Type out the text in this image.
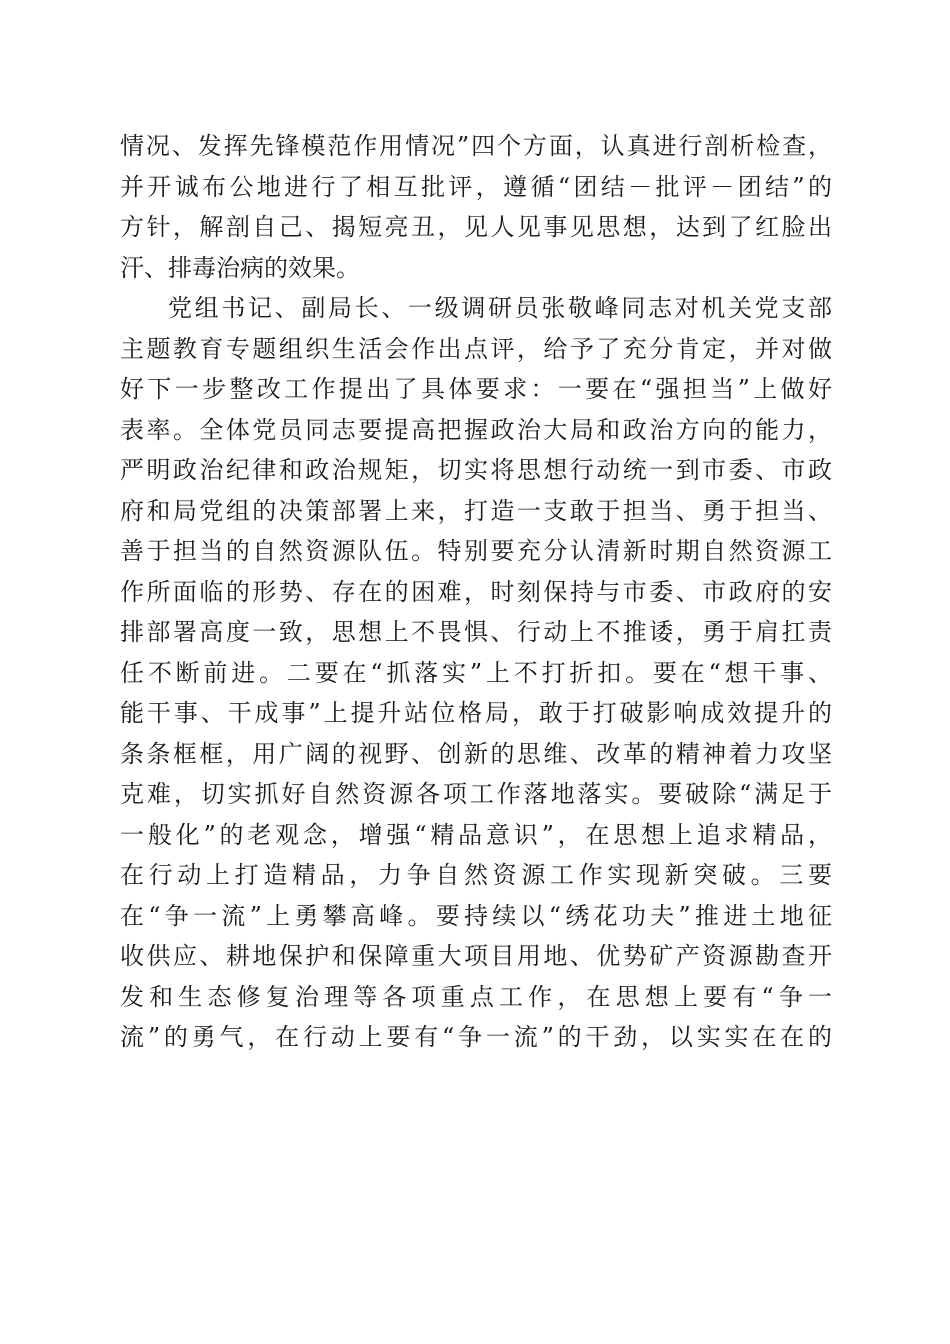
情况、发挥先锋模范作用情况”四个方面，认真进行剖析检查，
并开诚布公地进行了相互批评，遵循“团结－批评－团结”的
方针，解剖自己、揭短亮丑，见人见事见思想，达到了红脸出
汗、排毒治病的效果。
党组书记、副局长、一级调研员张敬峰同志对机关党支部
主题教育专题组织生活会作出点评，给予了充分肯定，并对做
好下一步整改工作提出了具体要求：一要在“强担当”上做好
表率。全体党员同志要提高把握政治大局和政治方向的能力，
严明政治纪律和政治规矩，切实将思想行动统一到市委、市政
府和局党组的决策部署上来，打造一支敢于担当、勇于担当、
善于担当的自然资源队伍。特别要充分认清新时期自然资源工
作所面临的形势、存在的困难，时刻保持与市委、市政府的安
排部署高度一致，思想上不畏惧、行动上不推诿，勇于肩扛责
任不断前进。二要在“抓落实”上不打折扣。要在“想干事、
能干事、干成事”上提升站位格局，敢于打破影响成效提升的
条条框框，用广阔的视野、创新的思维、改革的精神着力攻坚
克难，切实抓好自然资源各项工作落地落实。要破除“满足于
一般化”的老观念，增强“精品意识”，在思想上追求精品，
在行动上打造精品，力争自然资源工作实现新突破。三要
在“争一流”上勇攀高峰。要持续以“绣花功夫”推进土地征
收供应、耕地保护和保障重大项目用地、优势矿产资源勘查开
发和生态修复治理等各项重点工作，在思想上要有“争一
流”的勇气，在行动上要有“争一流”的干劲，以实实在在的
